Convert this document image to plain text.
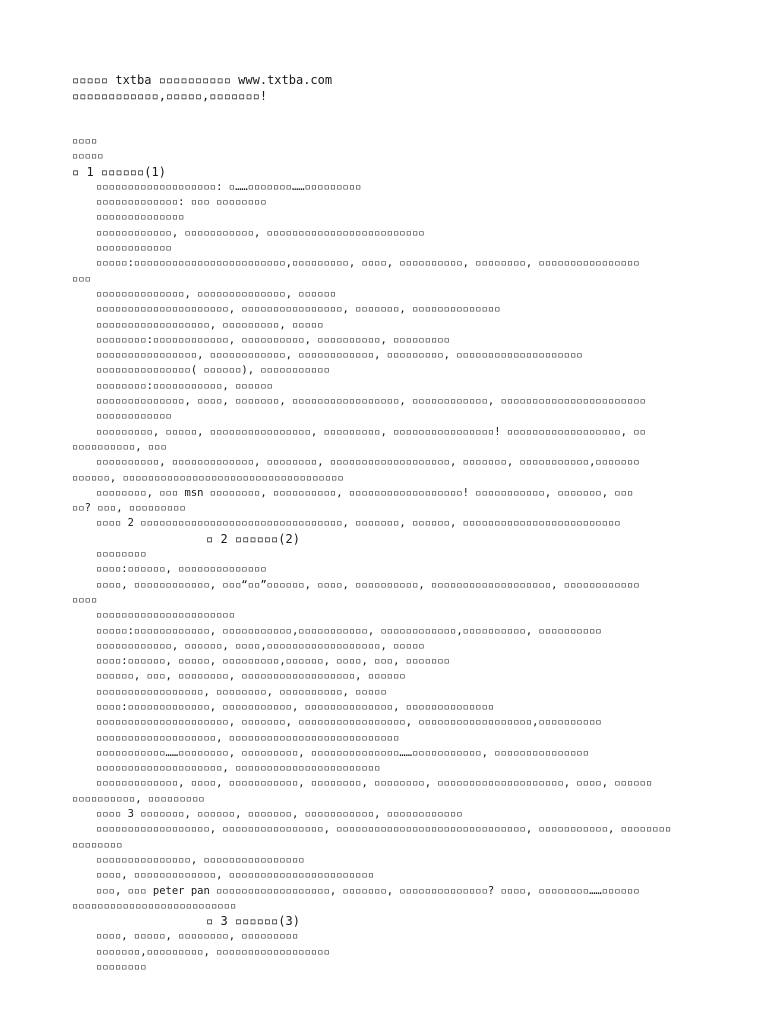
▫▫▫▫▫ txtba ▫▫▫▫▫▫▫▫▫▫ www.txtba.com
▫▫▫▫▫▫▫▫▫▫▫▫,▫▫▫▫▫,▫▫▫▫▫▫▫!
▫▫▫▫
▫▫▫▫▫
▫ 1 ▫▫▫▫▫▫(1)
▫▫▫▫▫▫▫▫▫▫▫▫▫▫▫▫▫▫▫: ▫……▫▫▫▫▫▫▫……▫▫▫▫▫▫▫▫▫
▫▫▫▫▫▫▫▫▫▫▫▫▫: ▫▫▫ ▫▫▫▫▫▫▫▫
▫▫▫▫▫▫▫▫▫▫▫▫▫▫
▫▫▫▫▫▫▫▫▫▫▫▫, ▫▫▫▫▫▫▫▫▫▫▫, ▫▫▫▫▫▫▫▫▫▫▫▫▫▫▫▫▫▫▫▫▫▫▫▫▫
▫▫▫▫▫▫▫▫▫▫▫▫
▫▫▫▫▫:▫▫▫▫▫▫▫▫▫▫▫▫▫▫▫▫▫▫▫▫▫▫▫▫,▫▫▫▫▫▫▫▫▫, ▫▫▫▫, ▫▫▫▫▫▫▫▫▫▫, ▫▫▫▫▫▫▫▫, ▫▫▫▫▫▫▫▫▫▫▫▫▫▫▫▫
▫▫▫
▫▫▫▫▫▫▫▫▫▫▫▫▫▫, ▫▫▫▫▫▫▫▫▫▫▫▫▫▫, ▫▫▫▫▫▫
▫▫▫▫▫▫▫▫▫▫▫▫▫▫▫▫▫▫▫▫▫, ▫▫▫▫▫▫▫▫▫▫▫▫▫▫▫▫, ▫▫▫▫▫▫▫, ▫▫▫▫▫▫▫▫▫▫▫▫▫▫
▫▫▫▫▫▫▫▫▫▫▫▫▫▫▫▫▫▫, ▫▫▫▫▫▫▫▫▫, ▫▫▫▫▫
▫▫▫▫▫▫▫▫:▫▫▫▫▫▫▫▫▫▫▫▫, ▫▫▫▫▫▫▫▫▫▫, ▫▫▫▫▫▫▫▫▫▫, ▫▫▫▫▫▫▫▫▫
▫▫▫▫▫▫▫▫▫▫▫▫▫▫▫▫, ▫▫▫▫▫▫▫▫▫▫▫▫, ▫▫▫▫▫▫▫▫▫▫▫▫, ▫▫▫▫▫▫▫▫▫, ▫▫▫▫▫▫▫▫▫▫▫▫▫▫▫▫▫▫▫▫
▫▫▫▫▫▫▫▫▫▫▫▫▫▫▫( ▫▫▫▫▫▫), ▫▫▫▫▫▫▫▫▫▫▫
▫▫▫▫▫▫▫▫:▫▫▫▫▫▫▫▫▫▫▫, ▫▫▫▫▫▫
▫▫▫▫▫▫▫▫▫▫▫▫▫▫, ▫▫▫▫, ▫▫▫▫▫▫▫, ▫▫▫▫▫▫▫▫▫▫▫▫▫▫▫▫▫, ▫▫▫▫▫▫▫▫▫▫▫▫, ▫▫▫▫▫▫▫▫▫▫▫▫▫▫▫▫▫▫▫▫▫▫▫
▫▫▫▫▫▫▫▫▫▫▫▫
▫▫▫▫▫▫▫▫▫, ▫▫▫▫▫, ▫▫▫▫▫▫▫▫▫▫▫▫▫▫▫▫, ▫▫▫▫▫▫▫▫▫, ▫▫▫▫▫▫▫▫▫▫▫▫▫▫▫▫! ▫▫▫▫▫▫▫▫▫▫▫▫▫▫▫▫▫▫, ▫▫
▫▫▫▫▫▫▫▫▫▫, ▫▫▫
▫▫▫▫▫▫▫▫▫▫, ▫▫▫▫▫▫▫▫▫▫▫▫▫, ▫▫▫▫▫▫▫▫, ▫▫▫▫▫▫▫▫▫▫▫▫▫▫▫▫▫▫▫, ▫▫▫▫▫▫▫, ▫▫▫▫▫▫▫▫▫▫▫,▫▫▫▫▫▫▫
▫▫▫▫▫▫, ▫▫▫▫▫▫▫▫▫▫▫▫▫▫▫▫▫▫▫▫▫▫▫▫▫▫▫▫▫▫▫▫▫▫▫
▫▫▫▫▫▫▫▫, ▫▫▫ msn ▫▫▫▫▫▫▫▫, ▫▫▫▫▫▫▫▫▫▫, ▫▫▫▫▫▫▫▫▫▫▫▫▫▫▫▫▫▫! ▫▫▫▫▫▫▫▫▫▫▫, ▫▫▫▫▫▫▫, ▫▫▫
▫▫? ▫▫▫, ▫▫▫▫▫▫▫▫▫
▫▫▫▫ 2 ▫▫▫▫▫▫▫▫▫▫▫▫▫▫▫▫▫▫▫▫▫▫▫▫▫▫▫▫▫▫▫▫, ▫▫▫▫▫▫▫, ▫▫▫▫▫▫, ▫▫▫▫▫▫▫▫▫▫▫▫▫▫▫▫▫▫▫▫▫▫▫▫▫
▫ 2 ▫▫▫▫▫▫(2)
▫▫▫▫▫▫▫▫
▫▫▫▫:▫▫▫▫▫▫, ▫▫▫▫▫▫▫▫▫▫▫▫▫▫
▫▫▫▫, ▫▫▫▫▫▫▫▫▫▫▫▫, ▫▫▫“▫▫”▫▫▫▫▫▫, ▫▫▫▫, ▫▫▫▫▫▫▫▫▫▫, ▫▫▫▫▫▫▫▫▫▫▫▫▫▫▫▫▫▫▫, ▫▫▫▫▫▫▫▫▫▫▫▫
▫▫▫▫
▫▫▫▫▫▫▫▫▫▫▫▫▫▫▫▫▫▫▫▫▫▫
▫▫▫▫▫:▫▫▫▫▫▫▫▫▫▫▫▫, ▫▫▫▫▫▫▫▫▫▫▫,▫▫▫▫▫▫▫▫▫▫▫, ▫▫▫▫▫▫▫▫▫▫▫▫,▫▫▫▫▫▫▫▫▫▫, ▫▫▫▫▫▫▫▫▫▫
▫▫▫▫▫▫▫▫▫▫▫▫, ▫▫▫▫▫▫, ▫▫▫▫,▫▫▫▫▫▫▫▫▫▫▫▫▫▫▫▫▫▫, ▫▫▫▫▫
▫▫▫▫:▫▫▫▫▫▫, ▫▫▫▫▫, ▫▫▫▫▫▫▫▫▫,▫▫▫▫▫▫, ▫▫▫▫, ▫▫▫, ▫▫▫▫▫▫▫
▫▫▫▫▫▫, ▫▫▫, ▫▫▫▫▫▫▫▫, ▫▫▫▫▫▫▫▫▫▫▫▫▫▫▫▫▫▫, ▫▫▫▫▫▫
▫▫▫▫▫▫▫▫▫▫▫▫▫▫▫▫▫, ▫▫▫▫▫▫▫▫, ▫▫▫▫▫▫▫▫▫▫, ▫▫▫▫▫
▫▫▫▫:▫▫▫▫▫▫▫▫▫▫▫▫▫, ▫▫▫▫▫▫▫▫▫▫▫, ▫▫▫▫▫▫▫▫▫▫▫▫▫▫, ▫▫▫▫▫▫▫▫▫▫▫▫▫▫
▫▫▫▫▫▫▫▫▫▫▫▫▫▫▫▫▫▫▫▫▫, ▫▫▫▫▫▫▫, ▫▫▫▫▫▫▫▫▫▫▫▫▫▫▫▫▫, ▫▫▫▫▫▫▫▫▫▫▫▫▫▫▫▫▫▫,▫▫▫▫▫▫▫▫▫▫
▫▫▫▫▫▫▫▫▫▫▫▫▫▫▫▫▫▫▫, ▫▫▫▫▫▫▫▫▫▫▫▫▫▫▫▫▫▫▫▫▫▫▫▫▫▫▫
▫▫▫▫▫▫▫▫▫▫▫……▫▫▫▫▫▫▫▫, ▫▫▫▫▫▫▫▫▫, ▫▫▫▫▫▫▫▫▫▫▫▫▫▫……▫▫▫▫▫▫▫▫▫▫▫, ▫▫▫▫▫▫▫▫▫▫▫▫▫▫▫
▫▫▫▫▫▫▫▫▫▫▫▫▫▫▫▫▫▫▫▫, ▫▫▫▫▫▫▫▫▫▫▫▫▫▫▫▫▫▫▫▫▫▫▫
▫▫▫▫▫▫▫▫▫▫▫▫▫, ▫▫▫▫, ▫▫▫▫▫▫▫▫▫▫▫, ▫▫▫▫▫▫▫▫, ▫▫▫▫▫▫▫▫, ▫▫▫▫▫▫▫▫▫▫▫▫▫▫▫▫▫▫▫▫, ▫▫▫▫, ▫▫▫▫▫▫
▫▫▫▫▫▫▫▫▫▫, ▫▫▫▫▫▫▫▫▫
▫▫▫▫ 3 ▫▫▫▫▫▫▫, ▫▫▫▫▫▫, ▫▫▫▫▫▫▫, ▫▫▫▫▫▫▫▫▫▫▫, ▫▫▫▫▫▫▫▫▫▫▫▫
▫▫▫▫▫▫▫▫▫▫▫▫▫▫▫▫▫▫, ▫▫▫▫▫▫▫▫▫▫▫▫▫▫▫▫, ▫▫▫▫▫▫▫▫▫▫▫▫▫▫▫▫▫▫▫▫▫▫▫▫▫▫▫▫▫▫, ▫▫▫▫▫▫▫▫▫▫▫, ▫▫▫▫▫▫▫▫
▫▫▫▫▫▫▫▫
▫▫▫▫▫▫▫▫▫▫▫▫▫▫▫, ▫▫▫▫▫▫▫▫▫▫▫▫▫▫▫▫
▫▫▫▫, ▫▫▫▫▫▫▫▫▫▫▫▫▫, ▫▫▫▫▫▫▫▫▫▫▫▫▫▫▫▫▫▫▫▫▫▫▫
▫▫▫, ▫▫▫ peter pan ▫▫▫▫▫▫▫▫▫▫▫▫▫▫▫▫▫▫, ▫▫▫▫▫▫▫, ▫▫▫▫▫▫▫▫▫▫▫▫▫▫? ▫▫▫▫, ▫▫▫▫▫▫▫▫……▫▫▫▫▫▫
▫▫▫▫▫▫▫▫▫▫▫▫▫▫▫▫▫▫▫▫▫▫▫▫▫▫
▫ 3 ▫▫▫▫▫▫(3)
▫▫▫▫, ▫▫▫▫▫, ▫▫▫▫▫▫▫▫, ▫▫▫▫▫▫▫▫▫
▫▫▫▫▫▫▫,▫▫▫▫▫▫▫▫▫, ▫▫▫▫▫▫▫▫▫▫▫▫▫▫▫▫▫▫
▫▫▫▫▫▫▫▫
